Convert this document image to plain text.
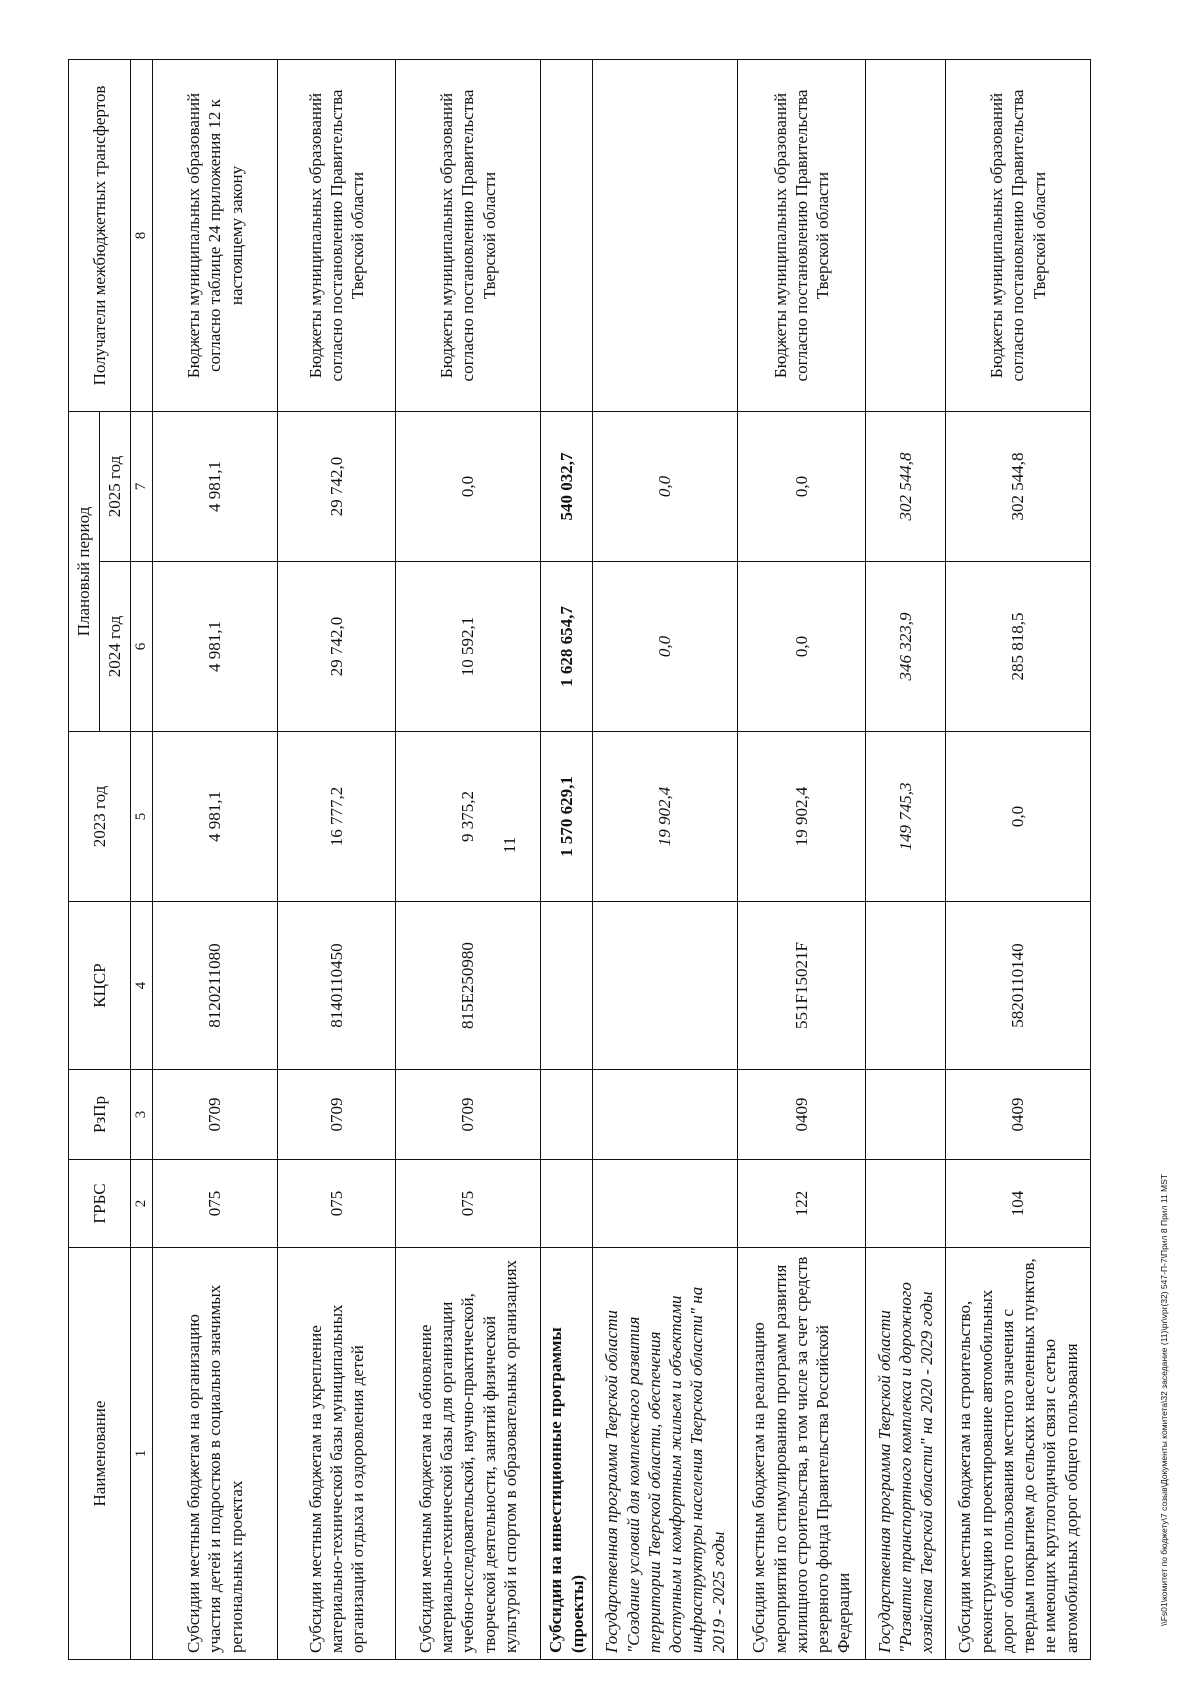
11
\\Fs01\комитет по бюджету\7 созыв\Документы комитета\32 заседание (11)\pr\vpr(32) 547-П-7\Прил 8 Прил 11 MST
Наименование	ГРБС	РзПр	КЦСР	2023 год	Плановый период		Получатели межбюджетных трансфертов
					2024 год	2025 год	
1	2	3	4	5	6	7	8
Субсидии местным бюджетам на организацию участия детей и подростков в социально значимых региональных проектах	075	0709	8120211080	4 981,1	4 981,1	4 981,1	Бюджеты муниципальных образований согласно таблице 24 приложения 12 к настоящему закону
Субсидии местным бюджетам на укрепление материально-технической базы муниципальных организаций отдыха и оздоровления детей	075	0709	8140110450	16 777,2	29 742,0	29 742,0	Бюджеты муниципальных образований согласно постановлению Правительства Тверской области
Субсидии местным бюджетам на обновление материально-технической базы для организации учебно-исследовательской, научно-практической, творческой деятельности, занятий физической культурой и спортом в образовательных организациях	075	0709	815E250980	9 375,2	10 592,1	0,0	Бюджеты муниципальных образований согласно постановлению Правительства Тверской области
Субсидии на инвестиционные программы (проекты)				1 570 629,1	1 628 654,7	540 032,7	
Государственная программа Тверской области "Создание условий для комплексного развития территории Тверской области, обеспечения доступным и комфортным жильем и объектами инфраструктуры населения Тверской области" на 2019 - 2025 годы				19 902,4	0,0	0,0	
Субсидии местным бюджетам на реализацию мероприятий по стимулированию программ развития жилищного строительства, в том числе за счет средств резервного фонда Правительства Российской Федерации	122	0409	551F15021F	19 902,4	0,0	0,0	Бюджеты муниципальных образований согласно постановлению Правительства Тверской области
Государственная программа Тверской области "Развитие транспортного комплекса и дорожного хозяйства Тверской области" на 2020 - 2029 годы				149 745,3	346 323,9	302 544,8	
Субсидии местным бюджетам на строительство, реконструкцию и проектирование автомобильных дорог общего пользования местного значения с твердым покрытием до сельских населенных пунктов, не имеющих круглогодичной связи с сетью автомобильных дорог общего пользования	104	0409	5820110140	0,0	285 818,5	302 544,8	Бюджеты муниципальных образований согласно постановлению Правительства Тверской области
